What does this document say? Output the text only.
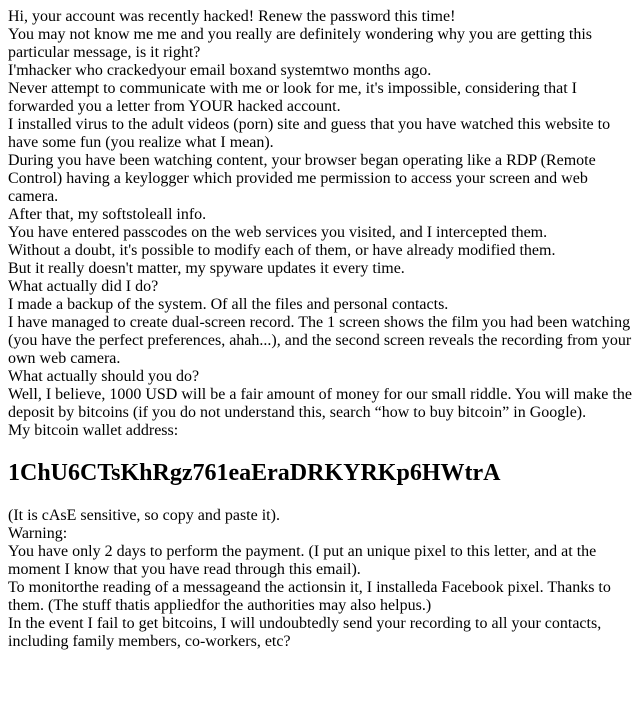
Hi, your account was recently hacked! Renew the password this time!
You may not know me me and you really are definitely wondering why you are getting this particular message, is it right?
I'mhacker who crackedyour email boxand systemtwo months ago.
Never attempt to communicate with me or look for me, it's impossible, considering that I forwarded you a letter from YOUR hacked account.
I installed virus to the adult videos (porn) site and guess that you have watched this website to have some fun (you realize what I mean).
During you have been watching content, your browser began operating like a RDP (Remote Control) having a keylogger which provided me permission to access your screen and web camera.
After that, my softstoleall info.
You have entered passcodes on the web services you visited, and I intercepted them.
Without a doubt, it's possible to modify each of them, or have already modified them.
But it really doesn't matter, my spyware updates it every time.
What actually did I do?
I made a backup of the system. Of all the files and personal contacts.
I have managed to create dual-screen record. The 1 screen shows the film you had been watching (you have the perfect preferences, ahah...), and the second screen reveals the recording from your own web camera.
What actually should you do?
Well, I believe, 1000 USD will be a fair amount of money for our small riddle. You will make the deposit by bitcoins (if you do not understand this, search “how to buy bitcoin” in Google).
My bitcoin wallet address:
1ChU6CTsKhRgz761eaEraDRKYRKp6HWtrA
(It is cAsE sensitive, so copy and paste it).
Warning:
You have only 2 days to perform the payment. (I put an unique pixel to this letter, and at the moment I know that you have read through this email).
To monitorthe reading of a messageand the actionsin it, I installeda Facebook pixel. Thanks to them. (The stuff thatis appliedfor the authorities may also helpus.)
In the event I fail to get bitcoins, I will undoubtedly send your recording to all your contacts, including family members, co-workers, etc?
